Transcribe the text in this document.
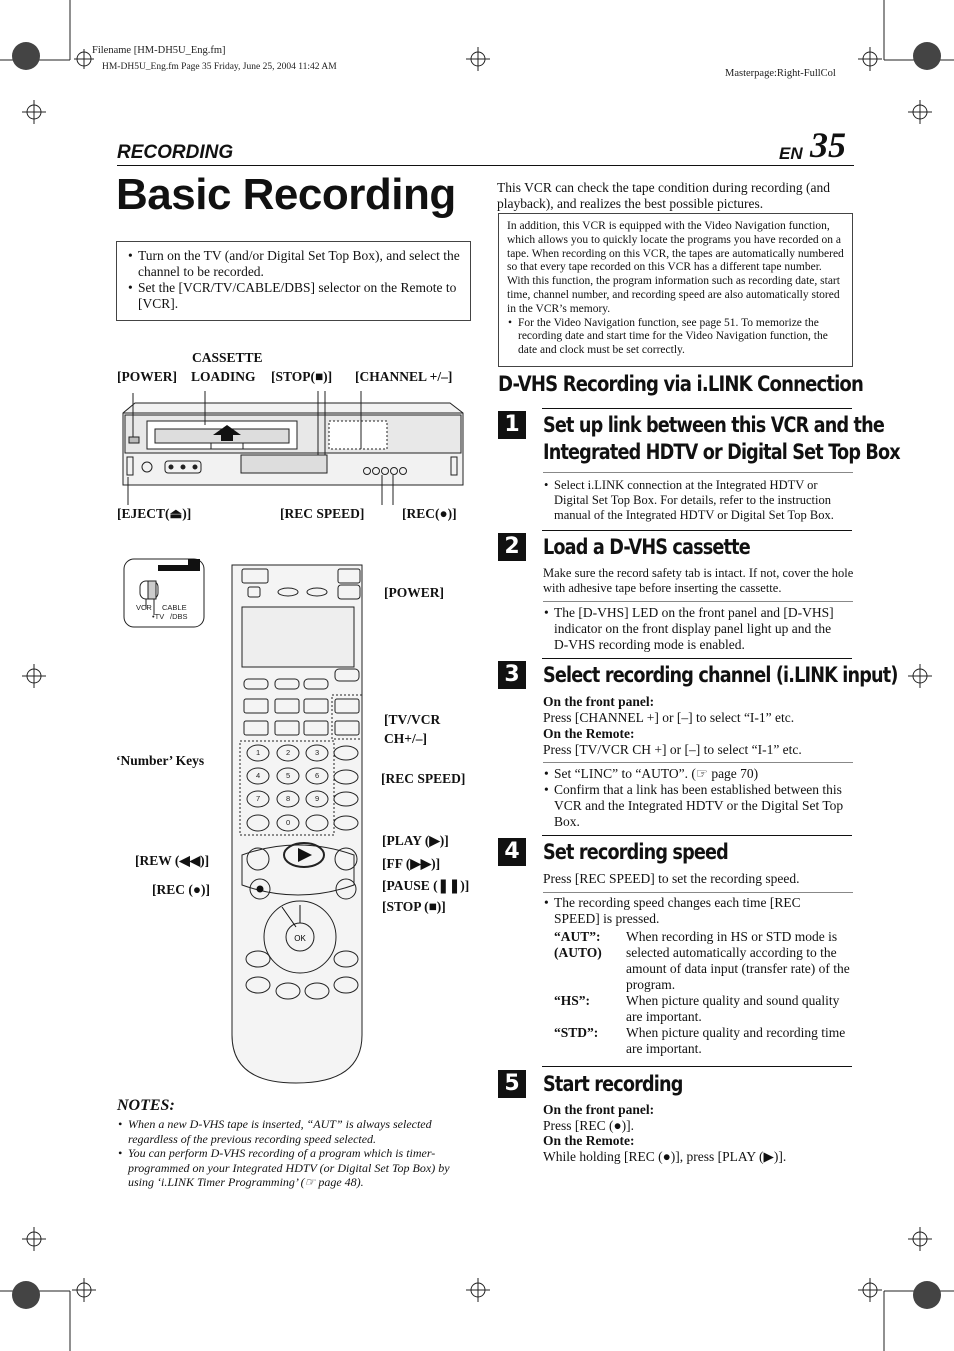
Filename [HM-DH5U_Eng.fm]
HM-DH5U_Eng.fm Page 35 Friday, June 25, 2004 11:42 AM
Masterpage:Right-FullCol
RECORDING	EN 35
Basic Recording
• Turn on the TV (and/or Digital Set Top Box), and select the channel to be recorded.
• Set the [VCR/TV/CABLE/DBS] selector on the Remote to [VCR].
CASSETTE
[POWER] LOADING [STOP(■)] [CHANNEL +/–]
[EJECT(⏏)]	[REC SPEED]	[REC(●)]
OK
VCR CABLE
•TV /DBS
1	2	3
4	5	6
7	8	9
0
[POWER]
[TV/VCR
CH+/–]
‘Number’ Keys
[REC SPEED]
[PLAY (▶)]
[REW (◀◀)]	[FF (▶▶)]
[PAUSE (❚❚)]
[REC (●)]
[STOP (■)]
NOTES:
• When a new D-VHS tape is inserted, “AUT” is always selected regardless of the previous recording speed selected.
• You can perform D-VHS recording of a program which is timer-programmed on your Integrated HDTV (or Digital Set Top Box) by using ‘i.LINK Timer Programming’ (☞ page 48).
This VCR can check the tape condition during recording (and playback), and realizes the best possible pictures.
In addition, this VCR is equipped with the Video Navigation function, which allows you to quickly locate the programs you have recorded on a tape. When recording on this VCR, the tapes are automatically numbered so that every tape recorded on this VCR has a different tape number. With this function, the program information such as recording date, start time, channel number, and recording speed are also automatically stored in the VCR’s memory.
• For the Video Navigation function, see page 51. To memorize the recording date and start time for the Video Navigation function, the date and clock must be set correctly.
D-VHS Recording via i.LINK Connection
1	Set up link between this VCR and the
Integrated HDTV or Digital Set Top Box
• Select i.LINK connection at the Integrated HDTV or Digital Set Top Box. For details, refer to the instruction manual of the Integrated HDTV or Digital Set Top Box.
2	Load a D-VHS cassette
Make sure the record safety tab is intact. If not, cover the hole with adhesive tape before inserting the cassette.
• The [D-VHS] LED on the front panel and [D-VHS] indicator on the front display panel light up and the D-VHS recording mode is enabled.
3	Select recording channel (i.LINK input)
On the front panel:
Press [CHANNEL +] or [–] to select “I-1” etc.
On the Remote:
Press [TV/VCR CH +] or [–] to select “I-1” etc.
• Set “LINC” to “AUTO”. (☞ page 70)
• Confirm that a link has been established between this VCR and the Integrated HDTV or the Digital Set Top Box.
4	Set recording speed
Press [REC SPEED] to set the recording speed.
• The recording speed changes each time [REC SPEED] is pressed.
“AUT”:
(AUTO)	When recording in HS or STD mode is selected automatically according to the amount of data input (transfer rate) of the program.
“HS”:	When picture quality and sound quality are important.
“STD”:	When picture quality and recording time are important.
5	Start recording
On the front panel:
Press [REC (●)].
On the Remote:
While holding [REC (●)], press [PLAY (▶)].
